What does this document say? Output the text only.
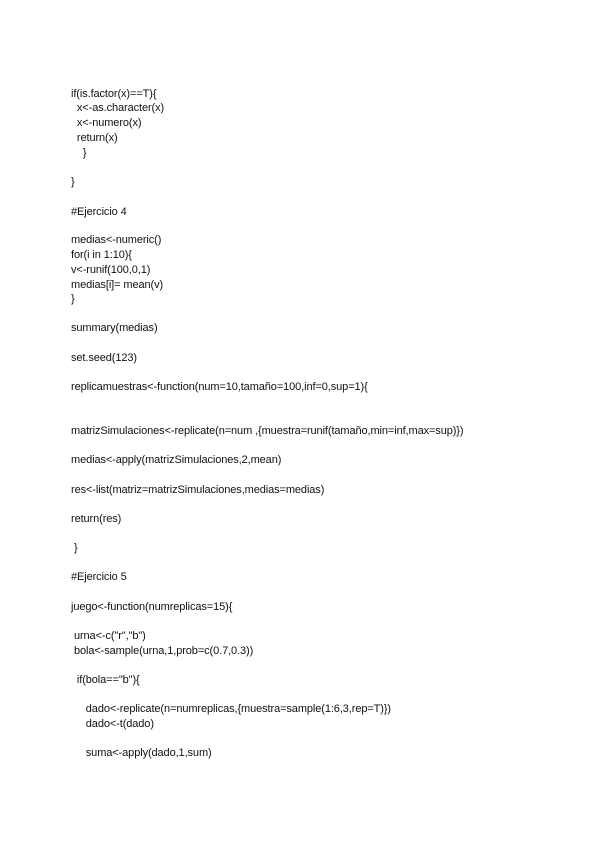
if(is.factor(x)==T){
x<-as.character(x)
x<-numero(x)
return(x)
}
}
#Ejercicio 4
medias<-numeric()
for(i in 1:10){
v<-runif(100,0,1)
medias[i]= mean(v)
}
summary(medias)
set.seed(123)
replicamuestras<-function(num=10,tamaño=100,inf=0,sup=1){
matrizSimulaciones<-replicate(n=num ,{muestra=runif(tamaño,min=inf,max=sup)})
medias<-apply(matrizSimulaciones,2,mean)
res<-list(matriz=matrizSimulaciones,medias=medias)
return(res)
}
#Ejercicio 5
juego<-function(numreplicas=15){
urna<-c("r","b")
bola<-sample(urna,1,prob=c(0.7,0.3))
if(bola=="b"){
dado<-replicate(n=numreplicas,{muestra=sample(1:6,3,rep=T)})
dado<-t(dado)
suma<-apply(dado,1,sum)
